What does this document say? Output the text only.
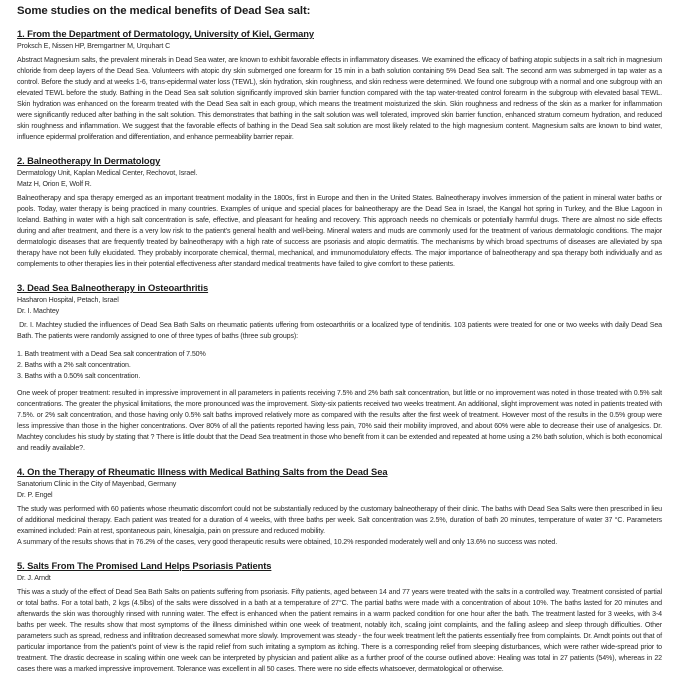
Some studies on the medical benefits of Dead Sea salt:
1. From the Department of Dermatology, University of Kiel, Germany
Proksch E, Nissen HP, Bremgartner M, Urquhart C

Abstract Magnesium salts, the prevalent minerals in Dead Sea water, are known to exhibit favorable effects in inflammatory diseases. We examined the efficacy of bathing atopic subjects in a salt rich in magnesium chloride from deep layers of the Dead Sea. Volunteers with atopic dry skin submerged one forearm for 15 min in a bath solution containing 5% Dead Sea salt. The second arm was submerged in tap water as a control. Before the study and at weeks 1-6, trans-epidermal water loss (TEWL), skin hydration, skin roughness, and skin redness were determined. We found one subgroup with a normal and one subgroup with an elevated TEWL before the study. Bathing in the Dead Sea salt solution significantly improved skin barrier function compared with the tap water-treated control forearm in the subgroup with elevated basal TEWL. Skin hydration was enhanced on the forearm treated with the Dead Sea salt in each group, which means the treatment moisturized the skin. Skin roughness and redness of the skin as a marker for inflammation were significantly reduced after bathing in the salt solution. This demonstrates that bathing in the salt solution was well tolerated, improved skin barrier function, enhanced stratum corneum hydration, and reduced skin roughness and inflammation. We suggest that the favorable effects of bathing in the Dead Sea salt solution are most likely related to the high magnesium content. Magnesium salts are known to bind water, influence epidermal proliferation and differentiation, and enhance permeability barrier repair.

2. Balneotherapy In Dermatology
Dermatology Unit, Kaplan Medical Center, Rechovot, Israel.
Matz H, Orion E, Wolf R.

Balneotherapy and spa therapy emerged as an important treatment modality in the 1800s, first in Europe and then in the United States. Balneotherapy involves immersion of the patient in mineral water baths or pools. Today, water therapy is being practiced in many countries. Examples of unique and special places for balneotherapy are the Dead Sea in Israel, the Kangal hot spring in Turkey, and the Blue Lagoon in Iceland. Bathing in water with a high salt concentration is safe, effective, and pleasant for healing and recovery. This approach needs no chemicals or potentially harmful drugs. There are almost no side effects during and after treatment, and there is a very low risk to the patient's general health and well-being. Mineral waters and muds are commonly used for the treatment of various dermatologic conditions. The major dermatologic diseases that are frequently treated by balneotherapy with a high rate of success are psoriasis and atopic dermatitis. The mechanisms by which broad spectrums of diseases are alleviated by spa therapy have not been fully elucidated. They probably incorporate chemical, thermal, mechanical, and immunomodulatory effects. The major importance of balneotherapy and spa therapy both individually and as complements to other therapies lies in their potential effectiveness after standard medical treatments have failed to give comfort to these patients.

3. Dead Sea Balneotherapy in Osteoarthritis
Hasharon Hospital, Petach, Israel
Dr. I. Machtey

Dr. I. Machtey studied the influences of Dead Sea Bath Salts on rheumatic patients uffering from osteoarthritis or a localized type of tendinitis. 103 patients were treated for one or two weeks with daily Dead Sea Bath. The patients were randomly assigned to one of three types of baths (three sub groups):

1. Bath treatment with a Dead Sea salt concentration of 7.50%
2. Baths with a 2% salt concentration.
3. Baths with a 0.50% salt concentration.

One week of proper treatment: resulted in impressive improvement in all parameters in patients receiving 7.5% and 2% bath salt concentration, but little or no improvement was noted in those treated with 0.5% salt concentrations. The greater the physical limitations, the more pronounced was the improvement. Sixty-six patients received two weeks treatment. An additional, slight improvement was noted in patients treated with 7.5%. or 2% salt concentration, and those having only 0.5% salt baths improved relatively more as compared with the results after the first week of treatment. However most of the results in the 0.5% group were less impressive than those in the higher concentrations. Over 80% of all the patients reported having less pain, 70% said their mobility improved, and about 60% were able to decrease their use of analgesics. Dr. Machtey concludes his study by stating that ? There is little doubt that the Dead Sea treatment in those who benefit from it can be extended and repeated at home using a 2% bath solution, which is both economical and readily available?.

4. On the Therapy of Rheumatic Illness with Medical Bathing Salts from the Dead Sea
Sanatorium Clinic in the City of Mayenbad, Germany
Dr. P. Engel

The study was performed with 60 patients whose rheumatic discomfort could not be substantially reduced by the customary balneotherapy of their clinic. The baths with Dead Sea Salts were then prescribed in lieu of additional medicinal therapy. Each patient was treated for a duration of 4 weeks, with three baths per week. Salt concentration was 2.5%, duration of bath 20 minutes, temperature of water 37 °C. Parameters examined included: Pain at rest, spontaneous pain, kinesalgia, pain on pressure and reduced mobility.

A summary of the results shows that in 76.2% of the cases, very good therapeutic results were obtained, 10.2% responded moderately well and only 13.6% no success was noted.

5. Salts From The Promised Land Helps Psoriasis Patients
Dr. J. Arndt

This was a study of the effect of Dead Sea Bath Salts on patients suffering from psoriasis. Fifty patients, aged between 14 and 77 years were treated with the salts in a controlled way. Treatment consisted of partial or total baths. For a total bath, 2 kgs (4.5lbs) of the salts were dissolved in a bath at a temperature of 27°C. The partial baths were made with a concentration of about 10%. The baths lasted for 20 minutes and afterwards the skin was thoroughly rinsed with running water. The effect is enhanced when the patient remains in a warm packed condition for one hour after the bath. The treatment lasted for 3 weeks, with 3-4 baths per week. The results show that most symptoms of the illness diminished within one week of treatment, notably itch, scaling joint complaints, and the falling asleep and sleep through difficulties. Other parameters such as spread, redness and infiltration decreased somewhat more slowly. Improvement was steady - the four week treatment left the patients essentially free from complaints. Dr. Arndt points out that of particular importance from the patient's point of view is the rapid relief from such irritating a symptom as itching. There is a corresponding relief from sleeping disturbances, which were rather wide-spread prior to treatment. The drastic decrease in scaling within one week can be interpreted by physician and patient alike as a further proof of the course outlined above: Healing was total in 27 patients (54%), whereas in 22 cases there was a marked impressive improvement. Tolerance was excellent in all 50 cases. There were no side effects whatsoever, dermatological or otherwise.
